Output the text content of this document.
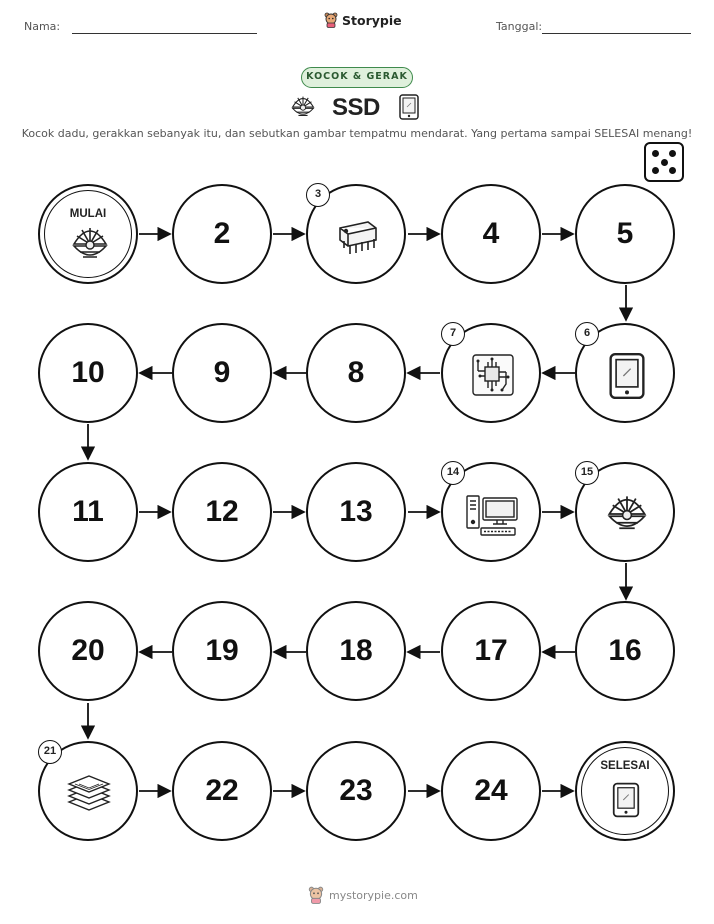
Nama:	Storypie	Tanggal:
KOCOK & GERAK
SSD
Kocok dadu, gerakkan sebanyak itu, dan sebutkan gambar tempatmu mendarat. Yang pertama sampai SELESAI menang!
MULAI
2
3
4	5
6
7
8
9
10
11	12	13
14	15
16
17
18
19
20
21
22	23	24
SELESAI
mystorypie.com
